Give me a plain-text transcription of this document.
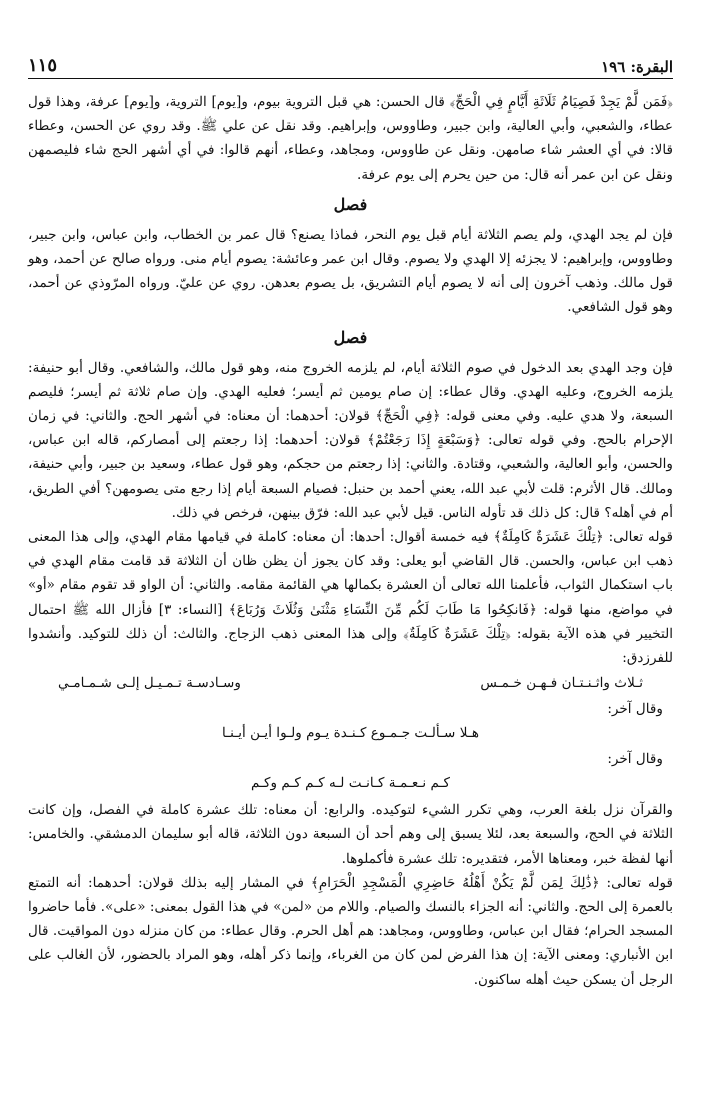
البقرة: ١٩٦
١١٥

﴿فَمَن لَّمْ يَجِدْ فَصِيَامُ ثَلَاثَةِ أَيَّامٍ فِي الْحَجِّ﴾ قال الحسن: هي قبل التروية بيوم، و[يوم] التروية، و[يوم] عرفة، وهذا قول عطاء، والشعبي، وأبي العالية، وابن جبير، وطاووس، وإبراهيم. وقد نقل عن علي ﷺ. وقد روي عن الحسن، وعطاء قالا: في أي العشر شاء صامهن. ونقل عن طاووس، ومجاهد، وعطاء، أنهم قالوا: في أي أشهر الحج شاء فليصمهن ونقل عن ابن عمر أنه قال: من حين يحرم إلى يوم عرفة.

فصل

فإن لم يجد الهدي، ولم يصم الثلاثة أيام قبل يوم النحر، فماذا يصنع؟ قال عمر بن الخطاب، وابن عباس، وابن جبير، وطاووس، وإبراهيم: لا يجزئه إلا الهدي ولا يصوم. وقال ابن عمر وعائشة: يصوم أيام منى. ورواه صالح عن أحمد، وهو قول مالك. وذهب آخرون إلى أنه لا يصوم أيام التشريق، بل يصوم بعدهن. روي عن عليّ. ورواه المرّوذي عن أحمد، وهو قول الشافعي.

فصل

فإن وجد الهدي بعد الدخول في صوم الثلاثة أيام، لم يلزمه الخروج منه، وهو قول مالك، والشافعي. وقال أبو حنيفة: يلزمه الخروج، وعليه الهدي. وقال عطاء: إن صام يومين ثم أيسر؛ فعليه الهدي. وإن صام ثلاثة ثم أيسر؛ فليصم السبعة، ولا هدي عليه. وفي معنى قوله: ﴿فِي الْحَجِّ﴾ قولان: أحدهما: أن معناه: في أشهر الحج. والثاني: في زمان الإحرام بالحج. وفي قوله تعالى: ﴿وَسَبْعَةٍ إِذَا رَجَعْتُمْ﴾ قولان: أحدهما: إذا رجعتم إلى أمصاركم، قاله ابن عباس، والحسن، وأبو العالية، والشعبي، وقتادة. والثاني: إذا رجعتم من حجكم، وهو قول عطاء، وسعيد بن جبير، وأبي حنيفة، ومالك. قال الأثرم: قلت لأبي عبد الله، يعني أحمد بن حنبل: فصيام السبعة أيام إذا رجع متى يصومهن؟ أفي الطريق، أم في أهله؟ قال: كل ذلك قد تأوله الناس. قيل لأبي عبد الله: فرّق بينهن، فرخص في ذلك.

قوله تعالى: ﴿تِلْكَ عَشَرَةٌ كَامِلَةٌ﴾ فيه خمسة أقوال: أحدها: أن معناه: كاملة في قيامها مقام الهدي، وإلى هذا المعنى ذهب ابن عباس، والحسن. قال القاضي أبو يعلى: وقد كان يجوز أن يظن ظان أن الثلاثة قد قامت مقام الهدي في باب استكمال الثواب، فأعلمنا الله تعالى أن العشرة بكمالها هي القائمة مقامه. والثاني: أن الواو قد تقوم مقام «أو» في مواضع، منها قوله: ﴿فَانكِحُوا مَا طَابَ لَكُم مِّنَ النِّسَاءِ مَثْنَىٰ وَثُلَاثَ وَرُبَاعَ﴾ [النساء: ٣] فأزال الله ﷺ احتمال التخيير في هذه الآية بقوله: ﴿تِلْكَ عَشَرَةٌ كَامِلَةٌ﴾ وإلى هذا المعنى ذهب الزجاج. والثالث: أن ذلك للتوكيد. وأنشدوا للفرزدق:

ثـلاث واثـنـتـان فـهـن خـمـس
وسـادسـة تـمـيـل إلـى شـمـامـي

وقال آخر:

هـلا سـألـت جـمـوع كـنـدة يـوم ولـوا أيـن أيـنـا

وقال آخر:

كـم نـعـمـة كـانـت لـه كـم كـم وكـم

والقرآن نزل بلغة العرب، وهي تكرر الشيء لتوكيده. والرابع: أن معناه: تلك عشرة كاملة في الفصل، وإن كانت الثلاثة في الحج، والسبعة بعد، لئلا يسبق إلى وهم أحد أن السبعة دون الثلاثة، قاله أبو سليمان الدمشقي. والخامس: أنها لفظة خبر، ومعناها الأمر، فتقديره: تلك عشرة فأكملوها.

قوله تعالى: ﴿ذَٰلِكَ لِمَن لَّمْ يَكُنْ أَهْلُهُ حَاضِرِي الْمَسْجِدِ الْحَرَامِ﴾ في المشار إليه بذلك قولان: أحدهما: أنه التمتع بالعمرة إلى الحج. والثاني: أنه الجزاء بالنسك والصيام. واللام من «لمن» في هذا القول بمعنى: «على». فأما حاضروا المسجد الحرام؛ فقال ابن عباس، وطاووس، ومجاهد: هم أهل الحرم. وقال عطاء: من كان منزله دون المواقيت. قال ابن الأنباري: ومعنى الآية: إن هذا الفرض لمن كان من الغرباء، وإنما ذكر أهله، وهو المراد بالحضور، لأن الغالب على الرجل أن يسكن حيث أهله ساكنون.
